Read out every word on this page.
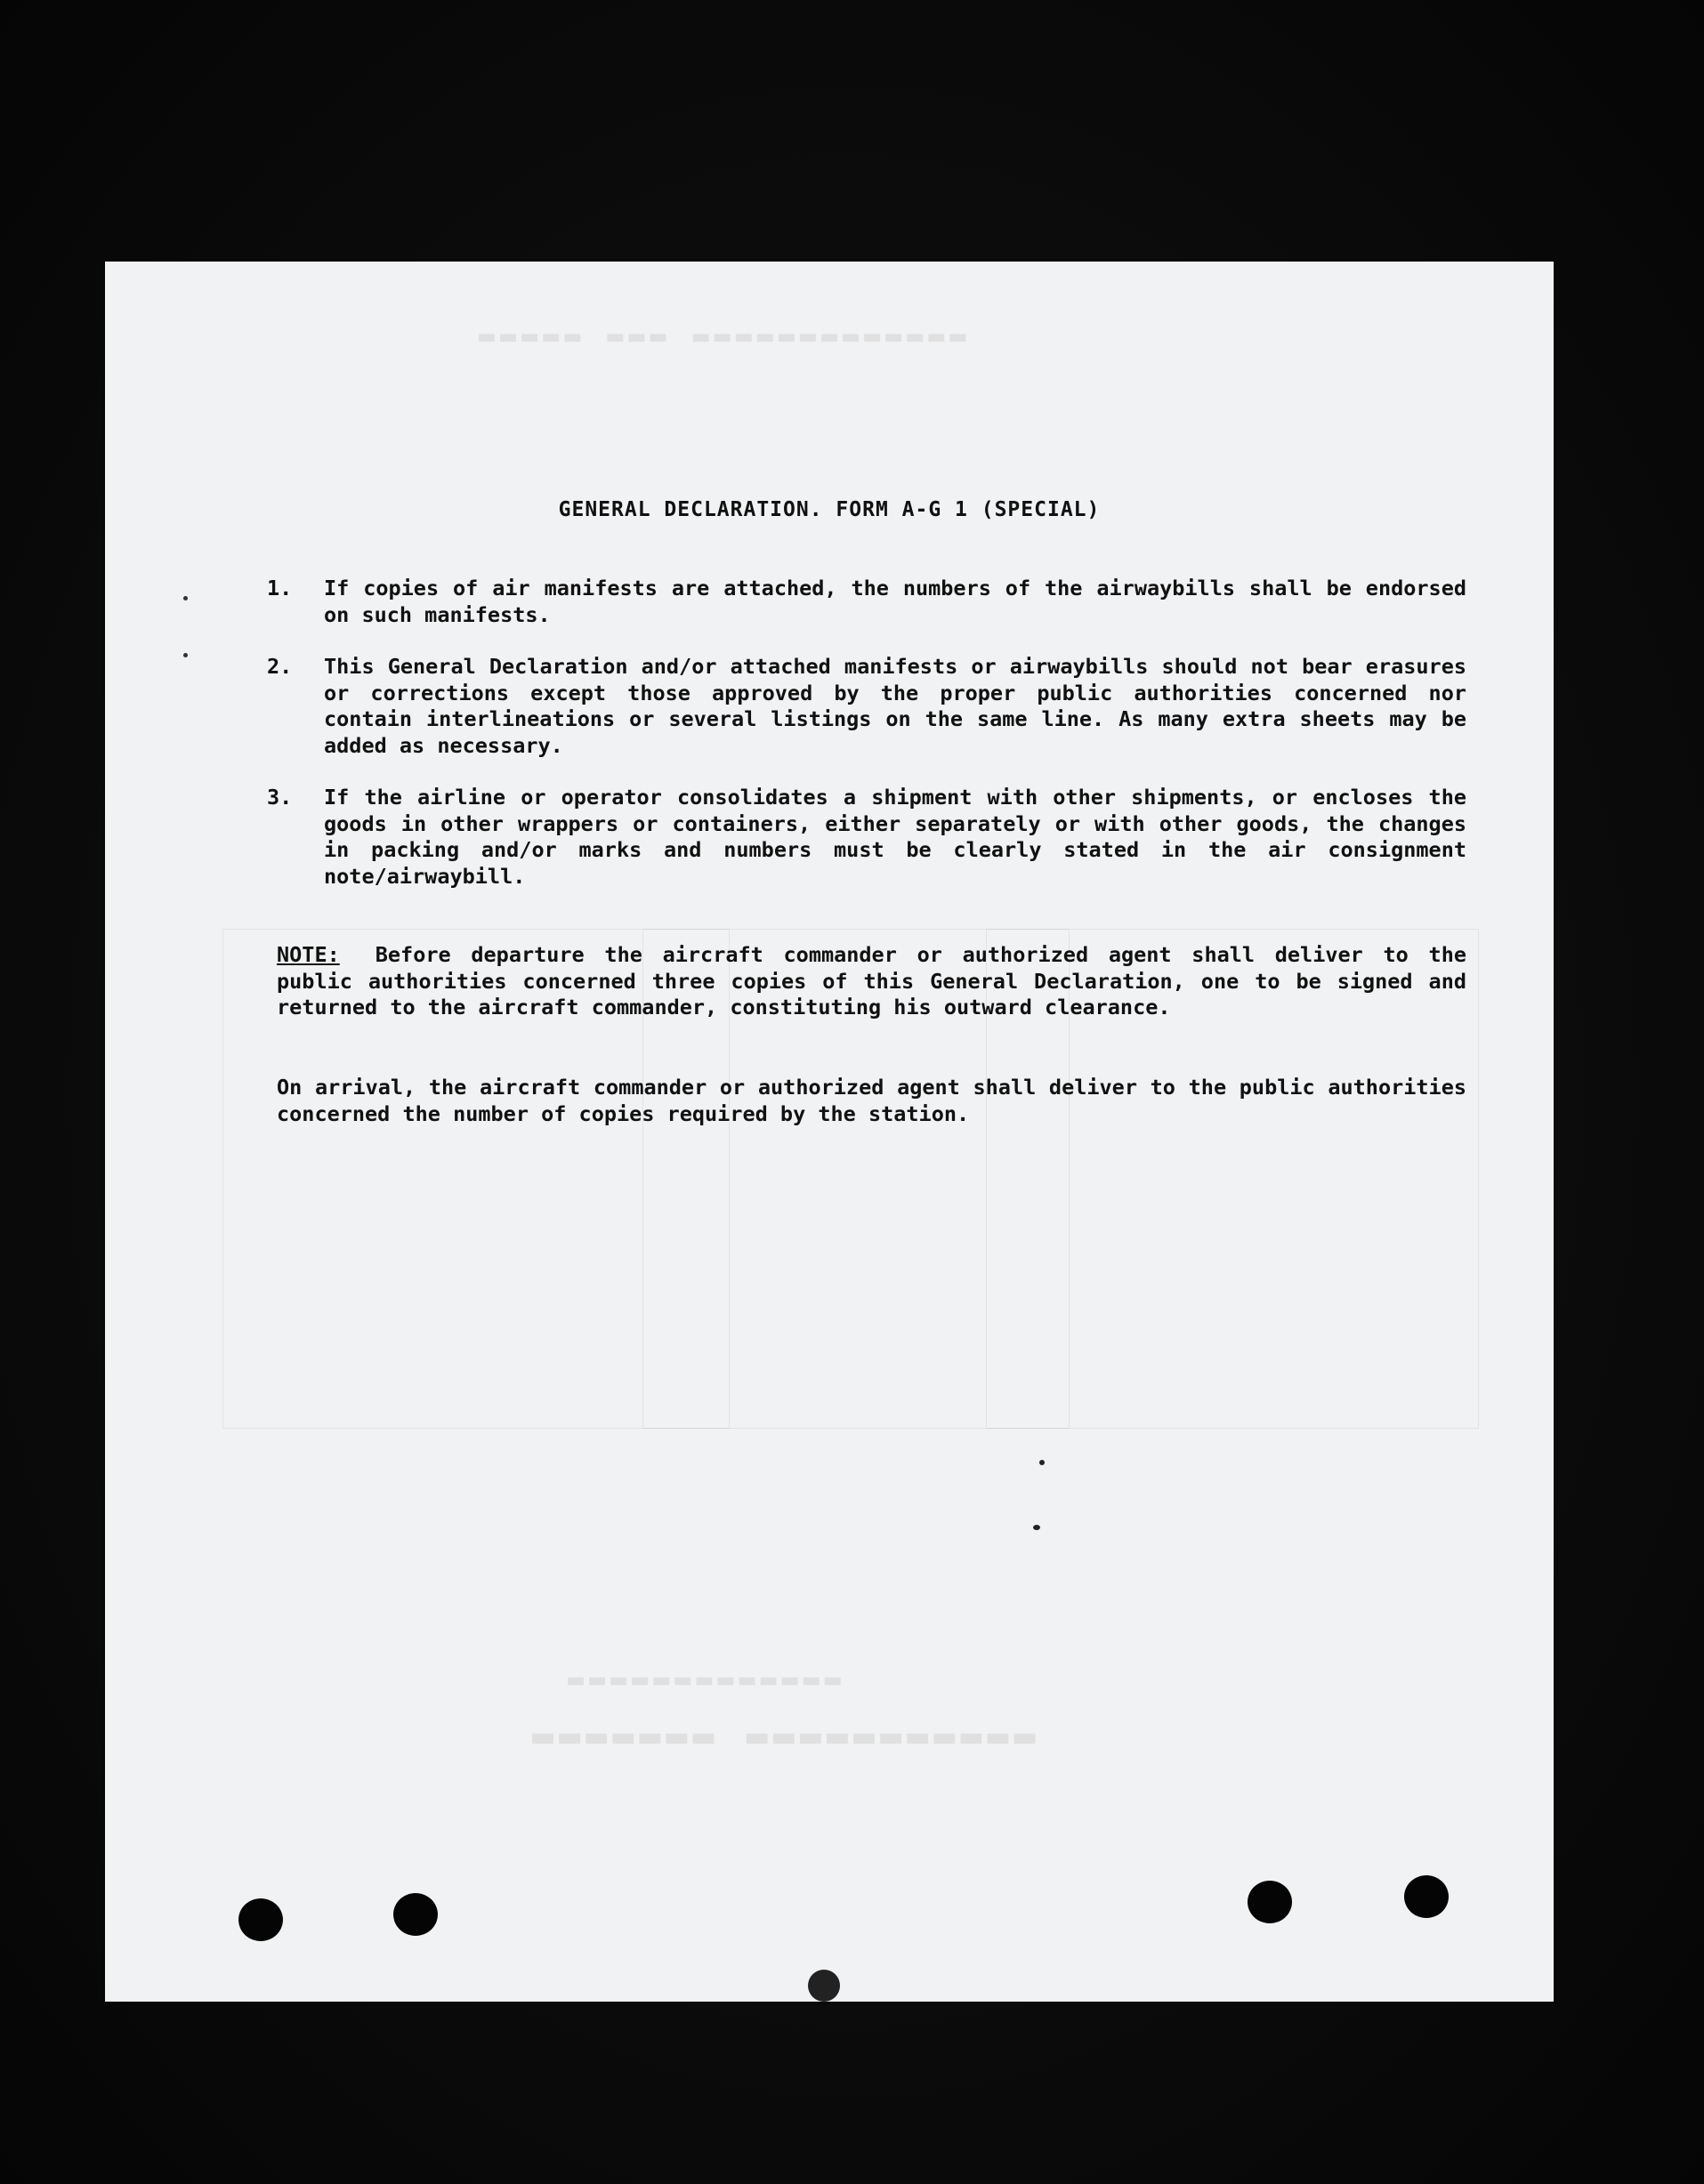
▬▬▬▬▬ ▬▬▬ ▬▬▬▬▬▬▬▬▬▬▬▬▬
▬▬▬▬▬▬▬ ▬▬▬▬▬▬▬▬▬▬▬
▬▬▬▬▬▬▬▬▬▬▬▬▬
GENERAL DECLARATION. FORM A-G 1 (SPECIAL)
1.	If copies of air manifests are attached, the numbers of the airwaybills shall be endorsed on such manifests.
2.	This General Declaration and/or attached manifests or airwaybills should not bear erasures or corrections except those approved by the proper public authorities concerned nor contain interlineations or several listings on the same line. As many extra sheets may be added as necessary.
3.	If the airline or operator consolidates a shipment with other shipments, or encloses the goods in other wrappers or containers, either separately or with other goods, the changes in packing and/or marks and numbers must be clearly stated in the air consignment note/airwaybill.
NOTE: Before departure the aircraft commander or authorized agent shall deliver to the public authorities concerned three copies of this General Declaration, one to be signed and returned to the aircraft commander, constituting his outward clearance.
On arrival, the aircraft commander or authorized agent shall deliver to the public authorities concerned the number of copies required by the station.
